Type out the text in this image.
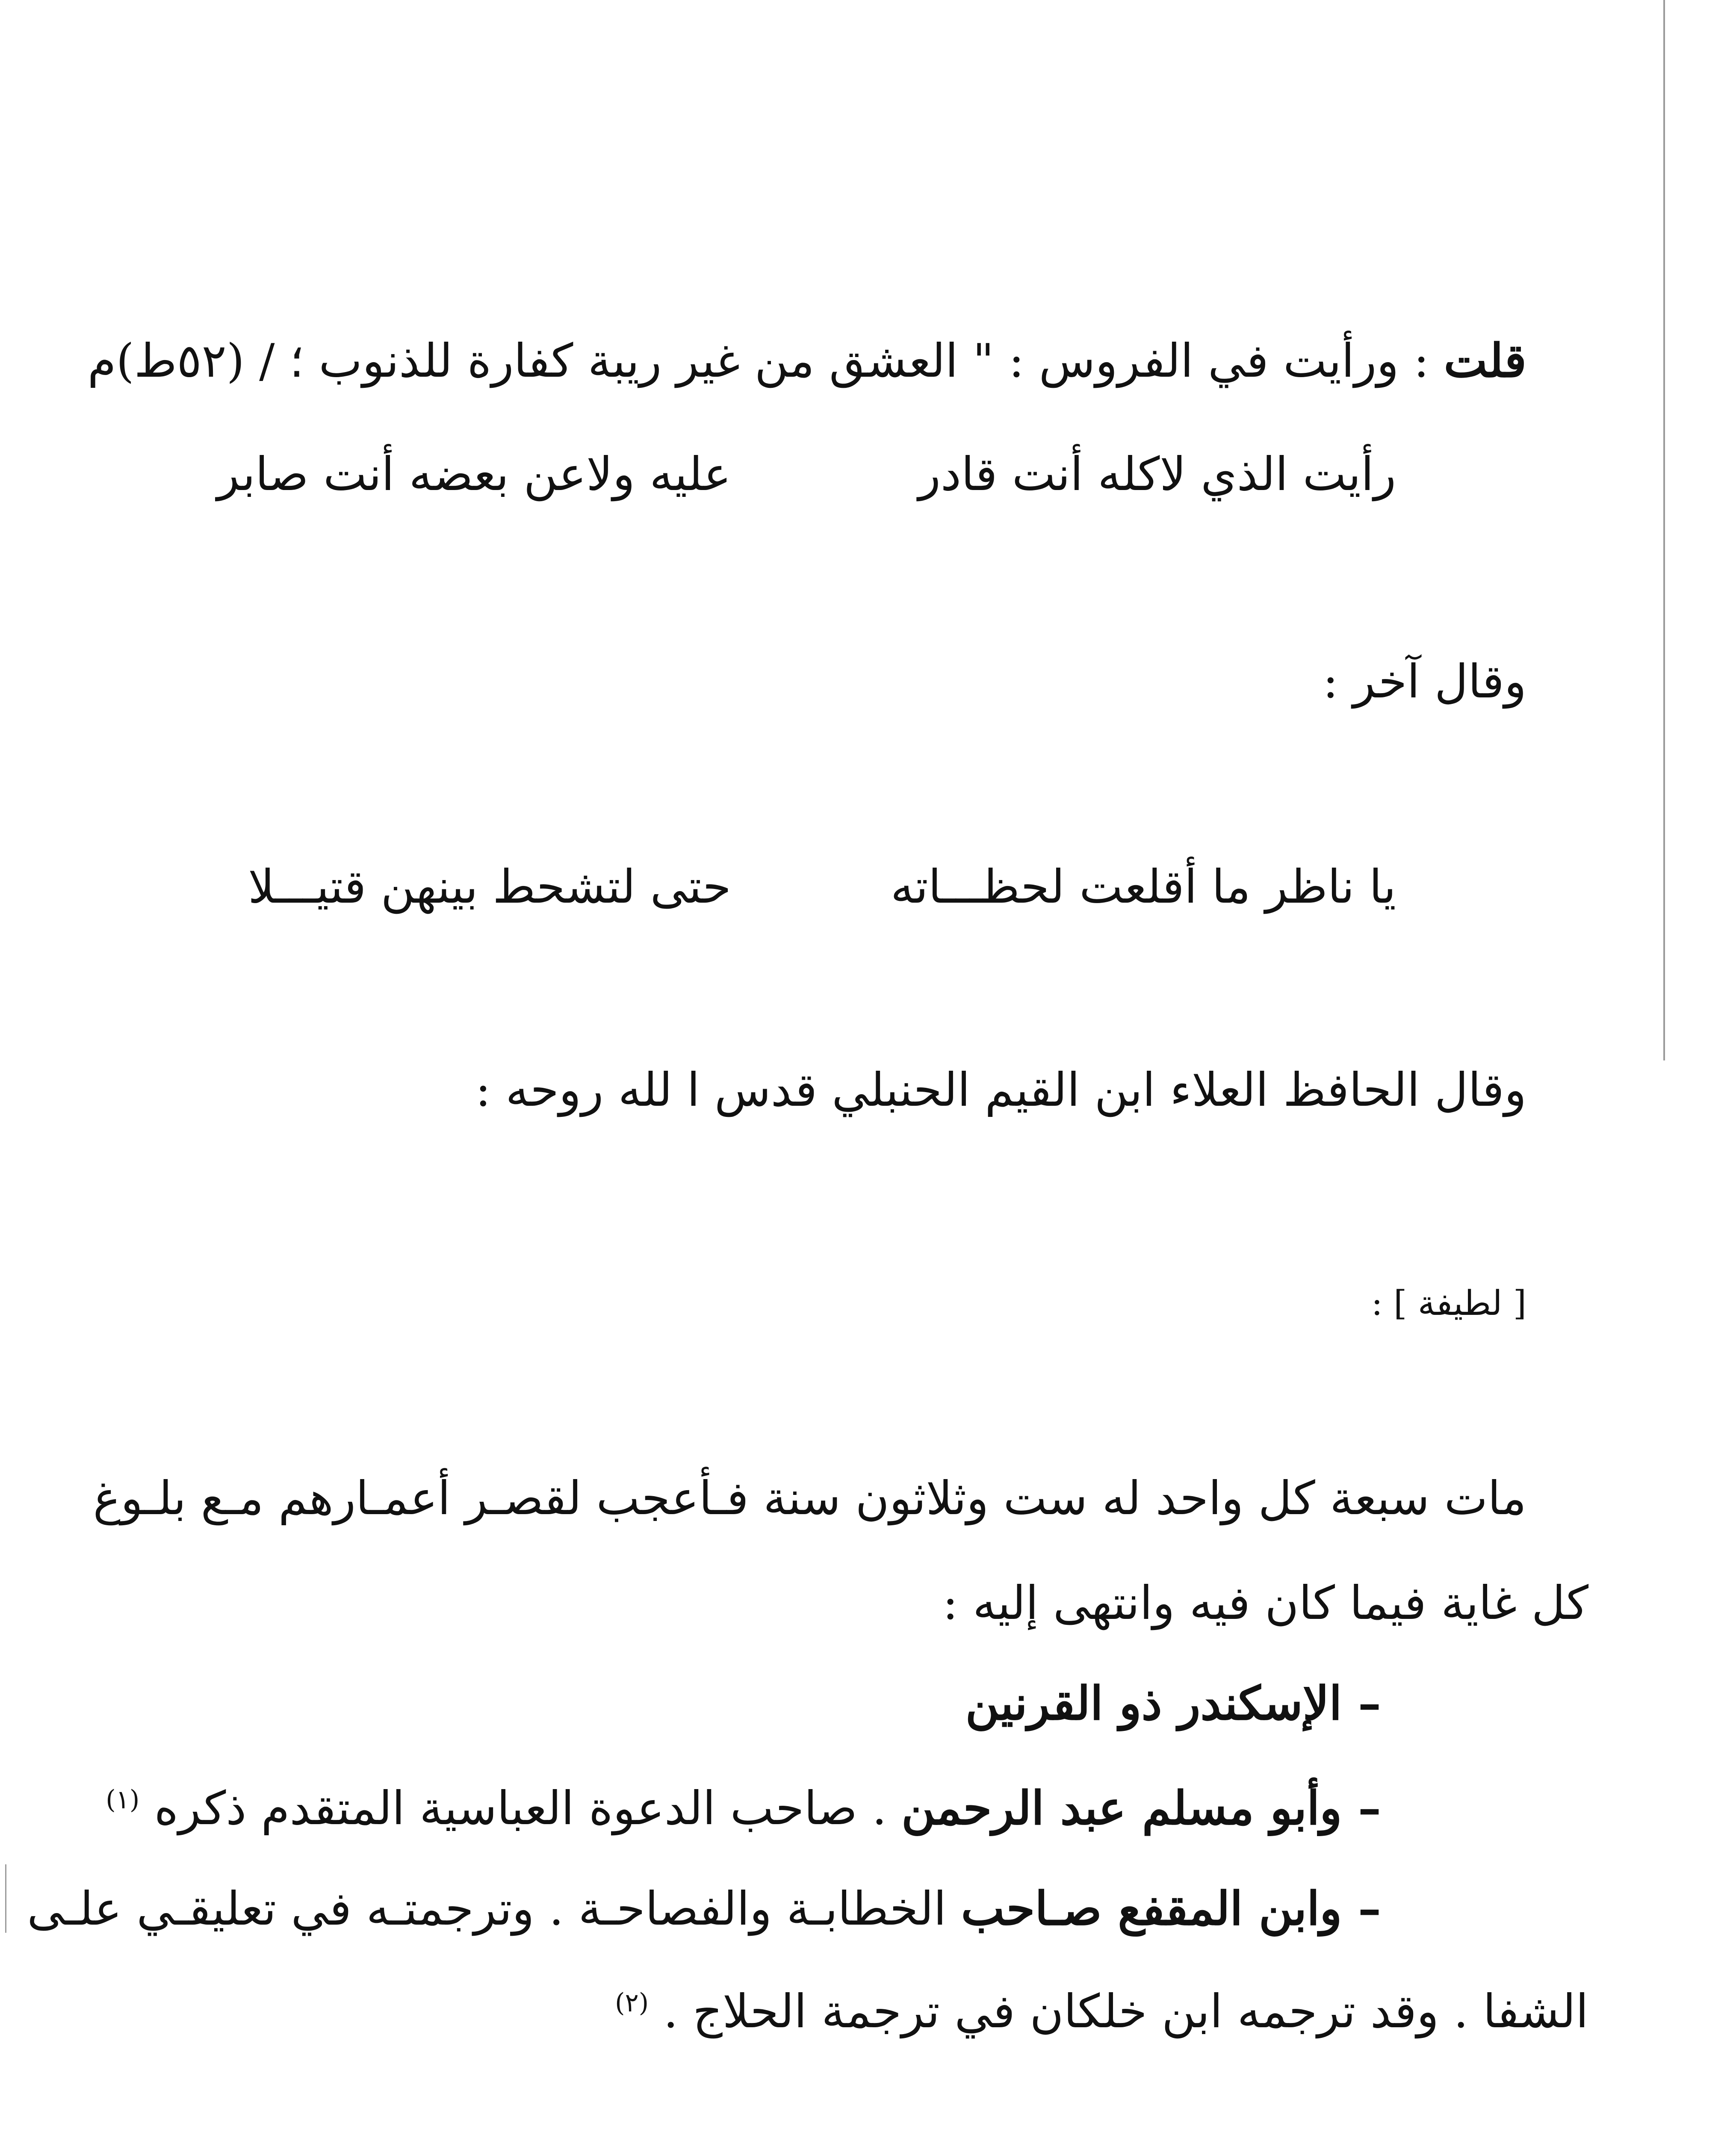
قلت : ورأيت في الفروس : " العشق من غير ريبة كفارة للذنوب ؛ / (٥٢ط)م
رأيت الذي لاكله أنت قادر
عليه ولاعن بعضه أنت صابر
وقال آخر :
يا ناظر ما أقلعت لحظـــاته
حتى لتشحط بينهن قتيـــلا
وقال الحافظ العلاء ابن القيم الحنبلي قدس ا لله روحه :
[ لطيفة ] :
مات سبعة كل واحد له ست وثلاثون سنة فـأعجب لقصـر أعمـارهم مـع بلـوغ
كل غاية فيما كان فيه وانتهى إليه :
– الإسكندر ذو القرنين
– وأبو مسلم عبد الرحمن . صاحب الدعوة العباسية المتقدم ذكره $^{(١)}$
– وابن المقفع صـاحب الخطابـة والفصاحـة . وترجمتـه في تعليقـي علـى
الشفا . وقد ترجمه ابن خلكان في ترجمة الحلاج . $^{(٢)}$
